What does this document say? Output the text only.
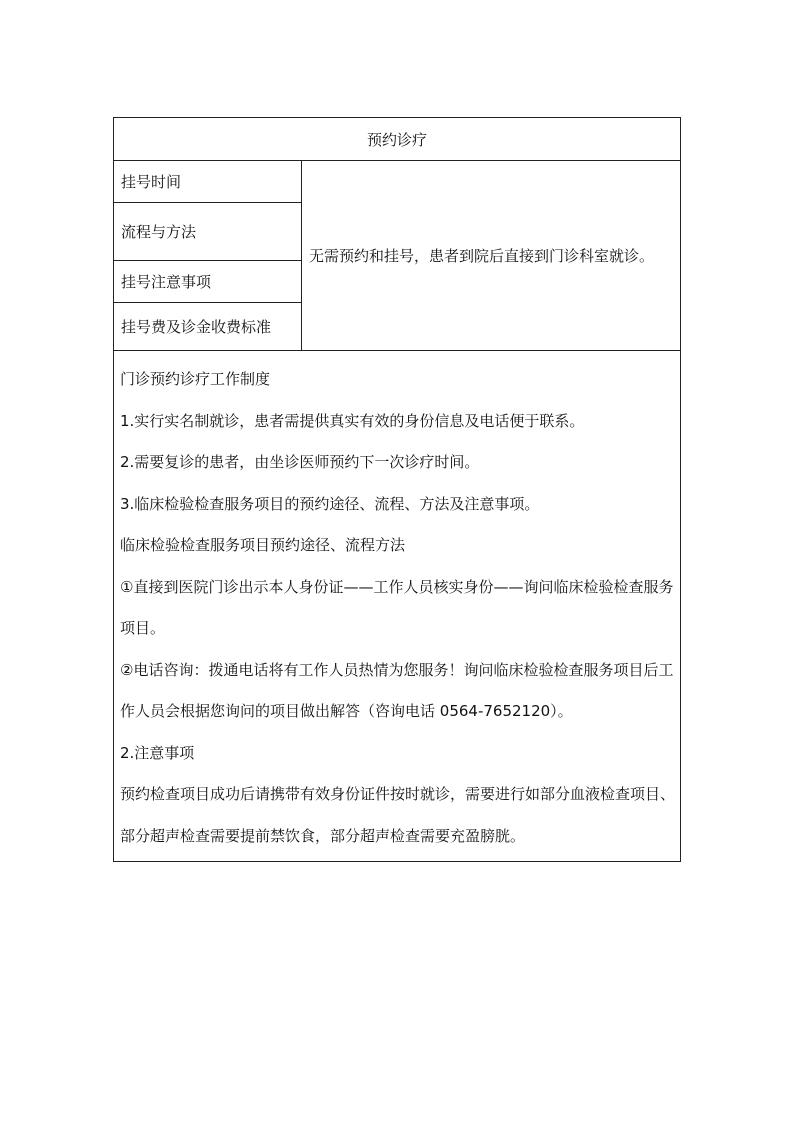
预约诊疗
挂号时间
流程与方法
挂号注意事项
挂号费及诊金收费标准
无需预约和挂号，患者到院后直接到门诊科室就诊。

门诊预约诊疗工作制度

1.实行实名制就诊，患者需提供真实有效的身份信息及电话便于联系。

2.需要复诊的患者，由坐诊医师预约下一次诊疗时间。

3.临床检验检查服务项目的预约途径、流程、方法及注意事项。

临床检验检查服务项目预约途径、流程方法

①直接到医院门诊出示本人身份证——工作人员核实身份——询问临床检验检查服务项目。

②电话咨询：拨通电话将有工作人员热情为您服务！询问临床检验检查服务项目后工作人员会根据您询问的项目做出解答（咨询电话 0564-7652120）。

2.注意事项

预约检查项目成功后请携带有效身份证件按时就诊，需要进行如部分血液检查项目、部分超声检查需要提前禁饮食，部分超声检查需要充盈膀胱。
